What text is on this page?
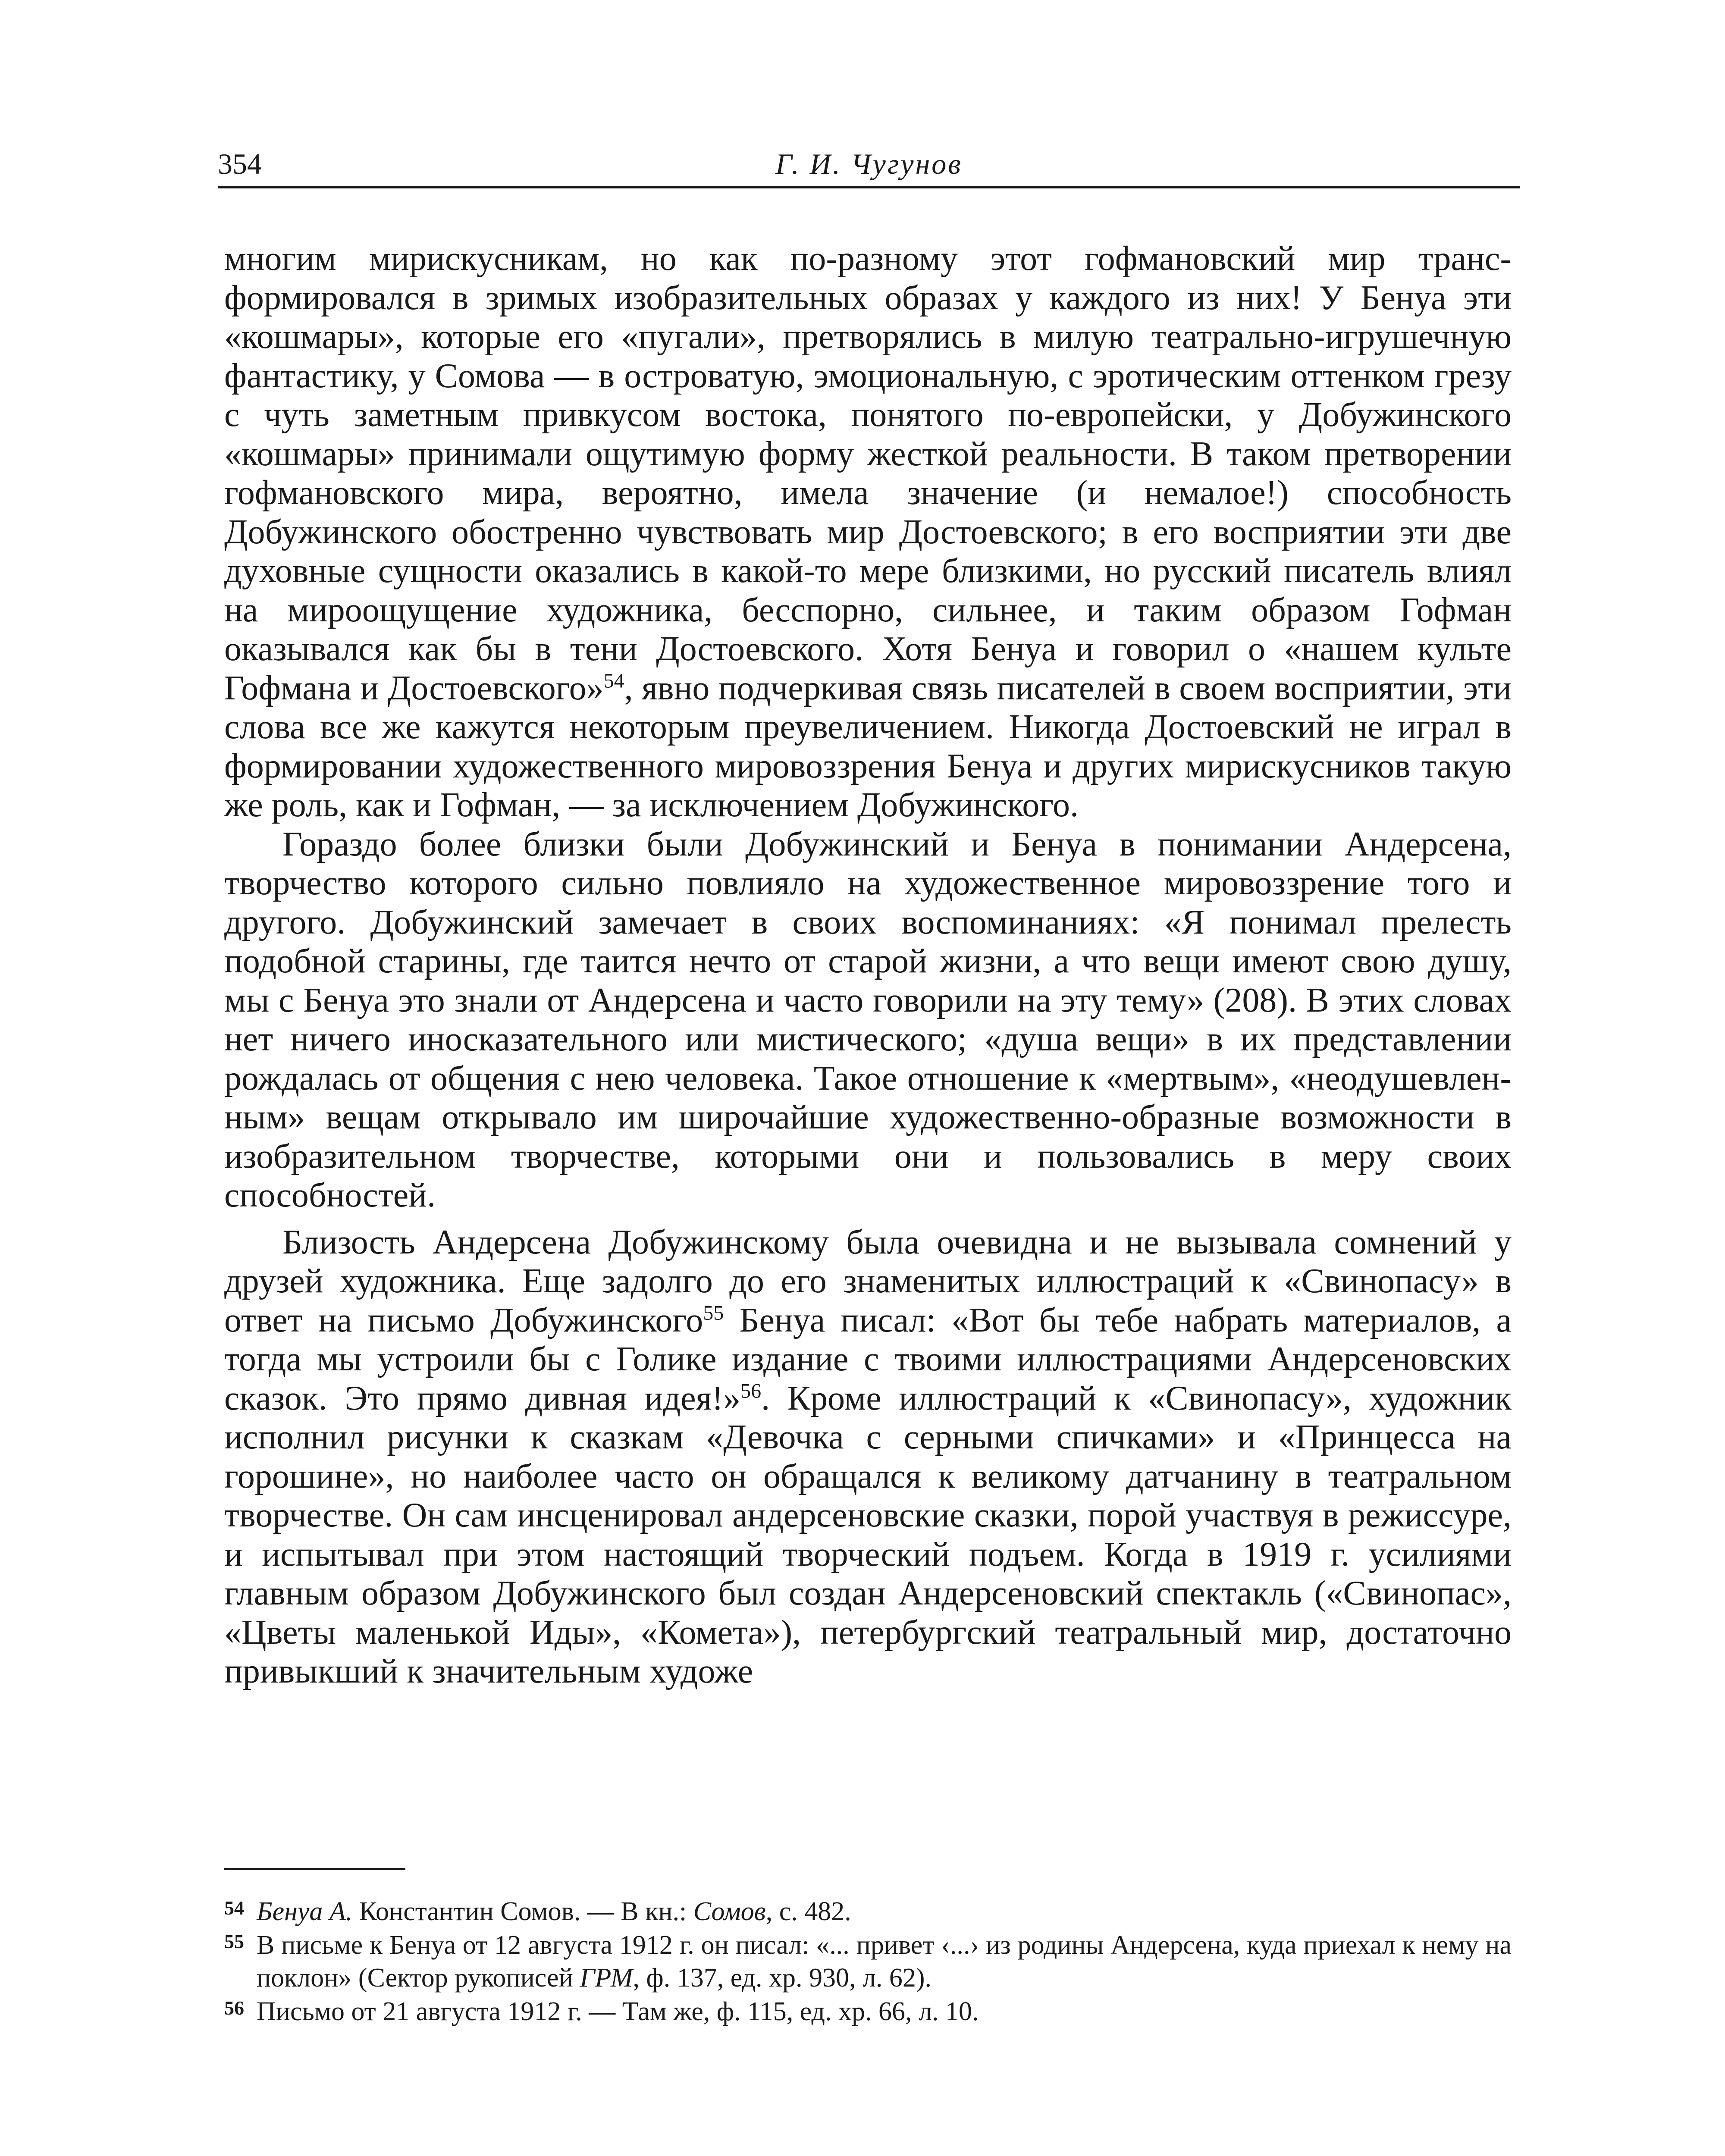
354	Г. И. Чугунов

многим мирискусникам, но как по-разному этот гофмановский мир трансформировался в зримых изобразительных образах у каждого из них! У Бенуа эти «кошмары», которые его «пугали», претворялись в милую театрально-игрушечную фантастику, у Сомова — в островатую, эмоциональную, с эротическим оттенком грезу с чуть заметным привкусом востока, понятого по-европейски, у Добужинского «кошмары» принимали ощутимую форму жесткой реальности. В таком претворении гофмановского мира, вероятно, имела значение (и немалое!) способность Добужинского обостренно чувствовать мир Достоевского; в его восприятии эти две духовные сущности оказались в какой-то мере близкими, но русский писатель влиял на мироощущение художника, бесспорно, сильнее, и таким образом Гофман оказывался как бы в тени Достоевского. Хотя Бенуа и говорил о «нашем культе Гофмана и Достоевского»$^{54}$, явно подчеркивая связь писателей в своем восприятии, эти слова все же кажутся некоторым преувеличением. Никогда Достоевский не играл в формировании художественного мировоззрения Бенуа и других мирискусников такую же роль, как и Гофман, — за исключением Добужинского.

Гораздо более близки были Добужинский и Бенуа в понимании Андерсена, творчество которого сильно повлияло на художественное мировоззрение того и другого. Добужинский замечает в своих воспоминаниях: «Я понимал прелесть подобной старины, где таится нечто от старой жизни, а что вещи имеют свою душу, мы с Бенуа это знали от Андерсена и часто говорили на эту тему» (208). В этих словах нет ничего иносказательного или мистического; «душа вещи» в их представлении рождалась от общения с нею человека. Такое отношение к «мертвым», «неодушевленным» вещам открывало им широчайшие художественно-образные возможности в изобразительном творчестве, которыми они и пользовались в меру своих способностей.

Близость Андерсена Добужинскому была очевидна и не вызывала сомнений у друзей художника. Еще задолго до его знаменитых иллюстраций к «Свинопасу» в ответ на письмо Добужинского$^{55}$ Бенуа писал: «Вот бы тебе набрать материалов, а тогда мы устроили бы с Голике издание с твоими иллюстрациями Андерсеновских сказок. Это прямо дивная идея!»$^{56}$. Кроме иллюстраций к «Свинопасу», художник исполнил рисунки к сказкам «Девочка с серными спичками» и «Принцесса на горошине», но наиболее часто он обращался к великому датчанину в театральном творчестве. Он сам инсценировал андерсеновские сказки, порой участвуя в режиссуре, и испытывал при этом настоящий творческий подъем. Когда в 1919 г. усилиями главным образом Добужинского был создан Андерсеновский спектакль («Свинопас», «Цветы маленькой Иды», «Комета»), петербургский театральный мир, достаточно привыкший к значительным художе

54 Бенуа А. Константин Сомов. — В кн.: Сомов, с. 482.
55 В письме к Бенуа от 12 августа 1912 г. он писал: «... привет ‹...› из родины Андерсена, куда приехал к нему на поклон» (Сектор рукописей ГРМ, ф. 137, ед. хр. 930, л. 62).
56 Письмо от 21 августа 1912 г. — Там же, ф. 115, ед. хр. 66, л. 10.
